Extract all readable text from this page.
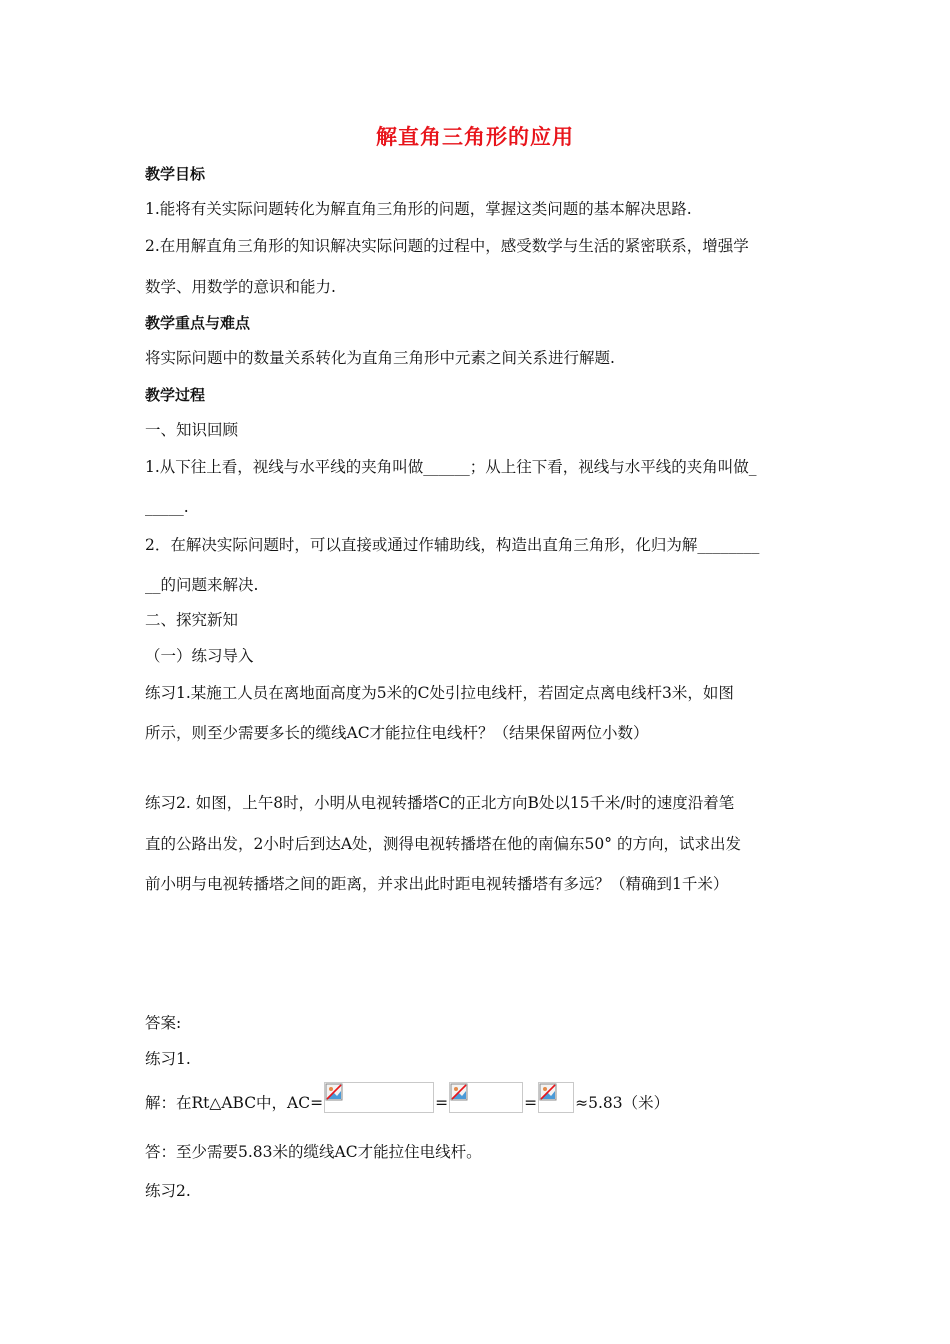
解直角三角形的应用
教学目标
1.能将有关实际问题转化为解直角三角形的问题，掌握这类问题的基本解决思路.
2.在用解直角三角形的知识解决实际问题的过程中，感受数学与生活的紧密联系，增强学
数学、用数学的意识和能力.
教学重点与难点
将实际问题中的数量关系转化为直角三角形中元素之间关系进行解题.
教学过程
一、知识回顾
1.从下往上看，视线与水平线的夹角叫做______；从上往下看，视线与水平线的夹角叫做_
_____.
2．在解决实际问题时，可以直接或通过作辅助线，构造出直角三角形，化归为解________
__的问题来解决.
二、探究新知
（一）练习导入
练习1.某施工人员在离地面高度为5米的C处引拉电线杆，若固定点离电线杆3米，如图
所示，则至少需要多长的缆线AC才能拉住电线杆？（结果保留两位小数）
练习2. 如图，上午8时，小明从电视转播塔C的正北方向B处以15千米/时的速度沿着笔
直的公路出发，2小时后到达A处，测得电视转播塔在他的南偏东50° 的方向，试求出发
前小明与电视转播塔之间的距离，并求出此时距电视转播塔有多远？（精确到1千米）
答案:
练习1.
解：在Rt△ABC中，AC=	=	= ≈5.83（米）
答：至少需要5.83米的缆线AC才能拉住电线杆。
练习2.
